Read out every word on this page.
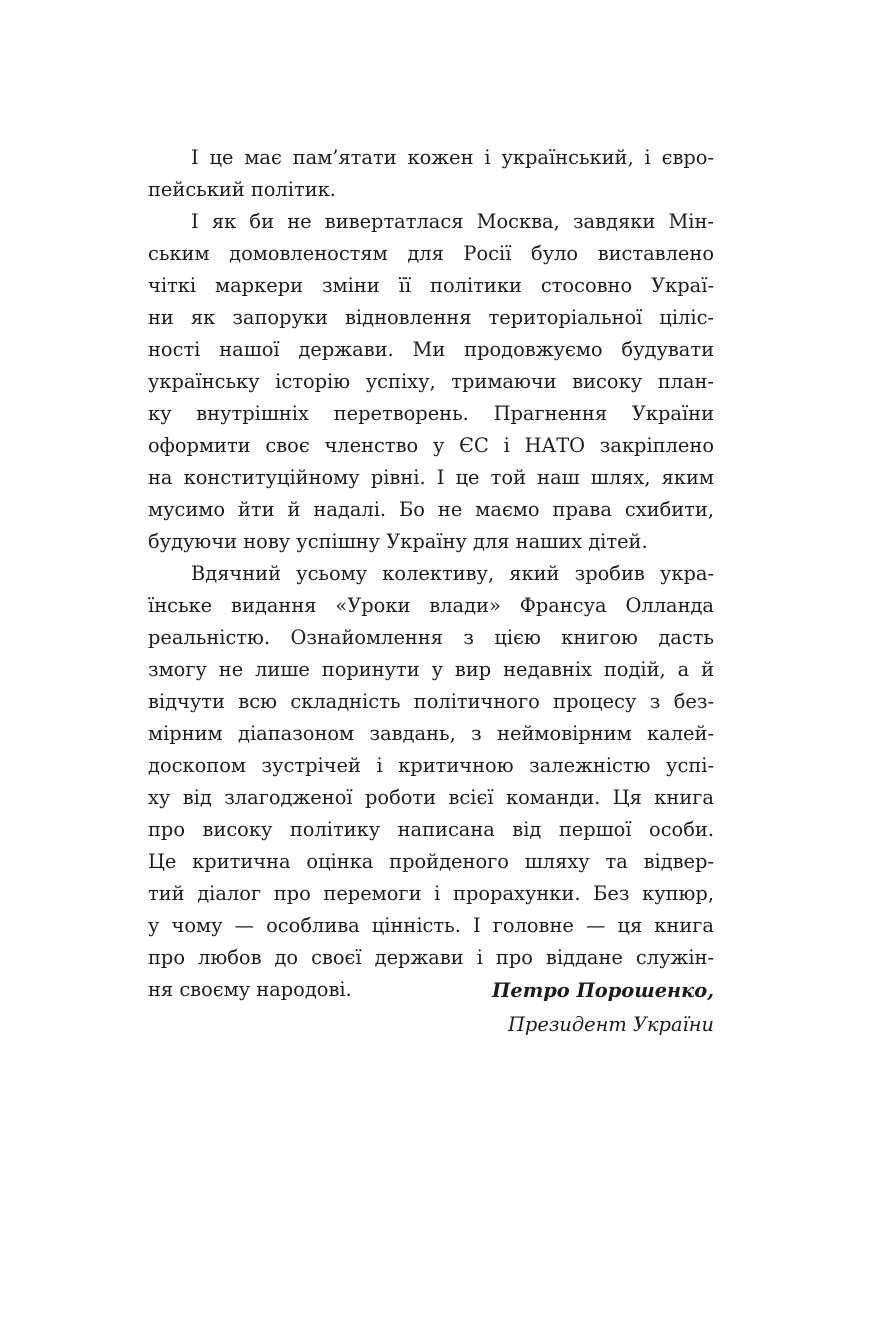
І це має пам’ятати кожен і український, і євро-
пейський політик.
І як би не вивертатлася Москва, завдяки Мін-
ським домовленостям для Росії було виставлено
чіткі маркери зміни її політики стосовно Украї-
ни як запоруки відновлення територіальної ціліс-
ності нашої держави. Ми продовжуємо будувати
українську історію успіху, тримаючи високу план-
ку внутрішніх перетворень. Прагнення України
оформити своє членство у ЄС і НАТО закріплено
на конституційному рівні. І це той наш шлях, яким
мусимо йти й надалі. Бо не маємо права схибити,
будуючи нову успішну Україну для наших дітей.
Вдячний усьому колективу, який зробив укра-
їнське видання «Уроки влади» Франсуа Олланда
реальністю. Ознайомлення з цією книгою дасть
змогу не лише поринути у вир недавніх подій, а й
відчути всю складність політичного процесу з без-
мірним діапазоном завдань, з неймовірним калей-
доскопом зустрічей і критичною залежністю успі-
ху від злагодженої роботи всієї команди. Ця книга
про високу політику написана від першої особи.
Це критична оцінка пройденого шляху та відвер-
тий діалог про перемоги і прорахунки. Без купюр,
у чому — особлива цінність. І головне — ця книга
про любов до своєї держави і про віддане служін-
ня своєму народові.	Петро Порошенко,
Президент України
